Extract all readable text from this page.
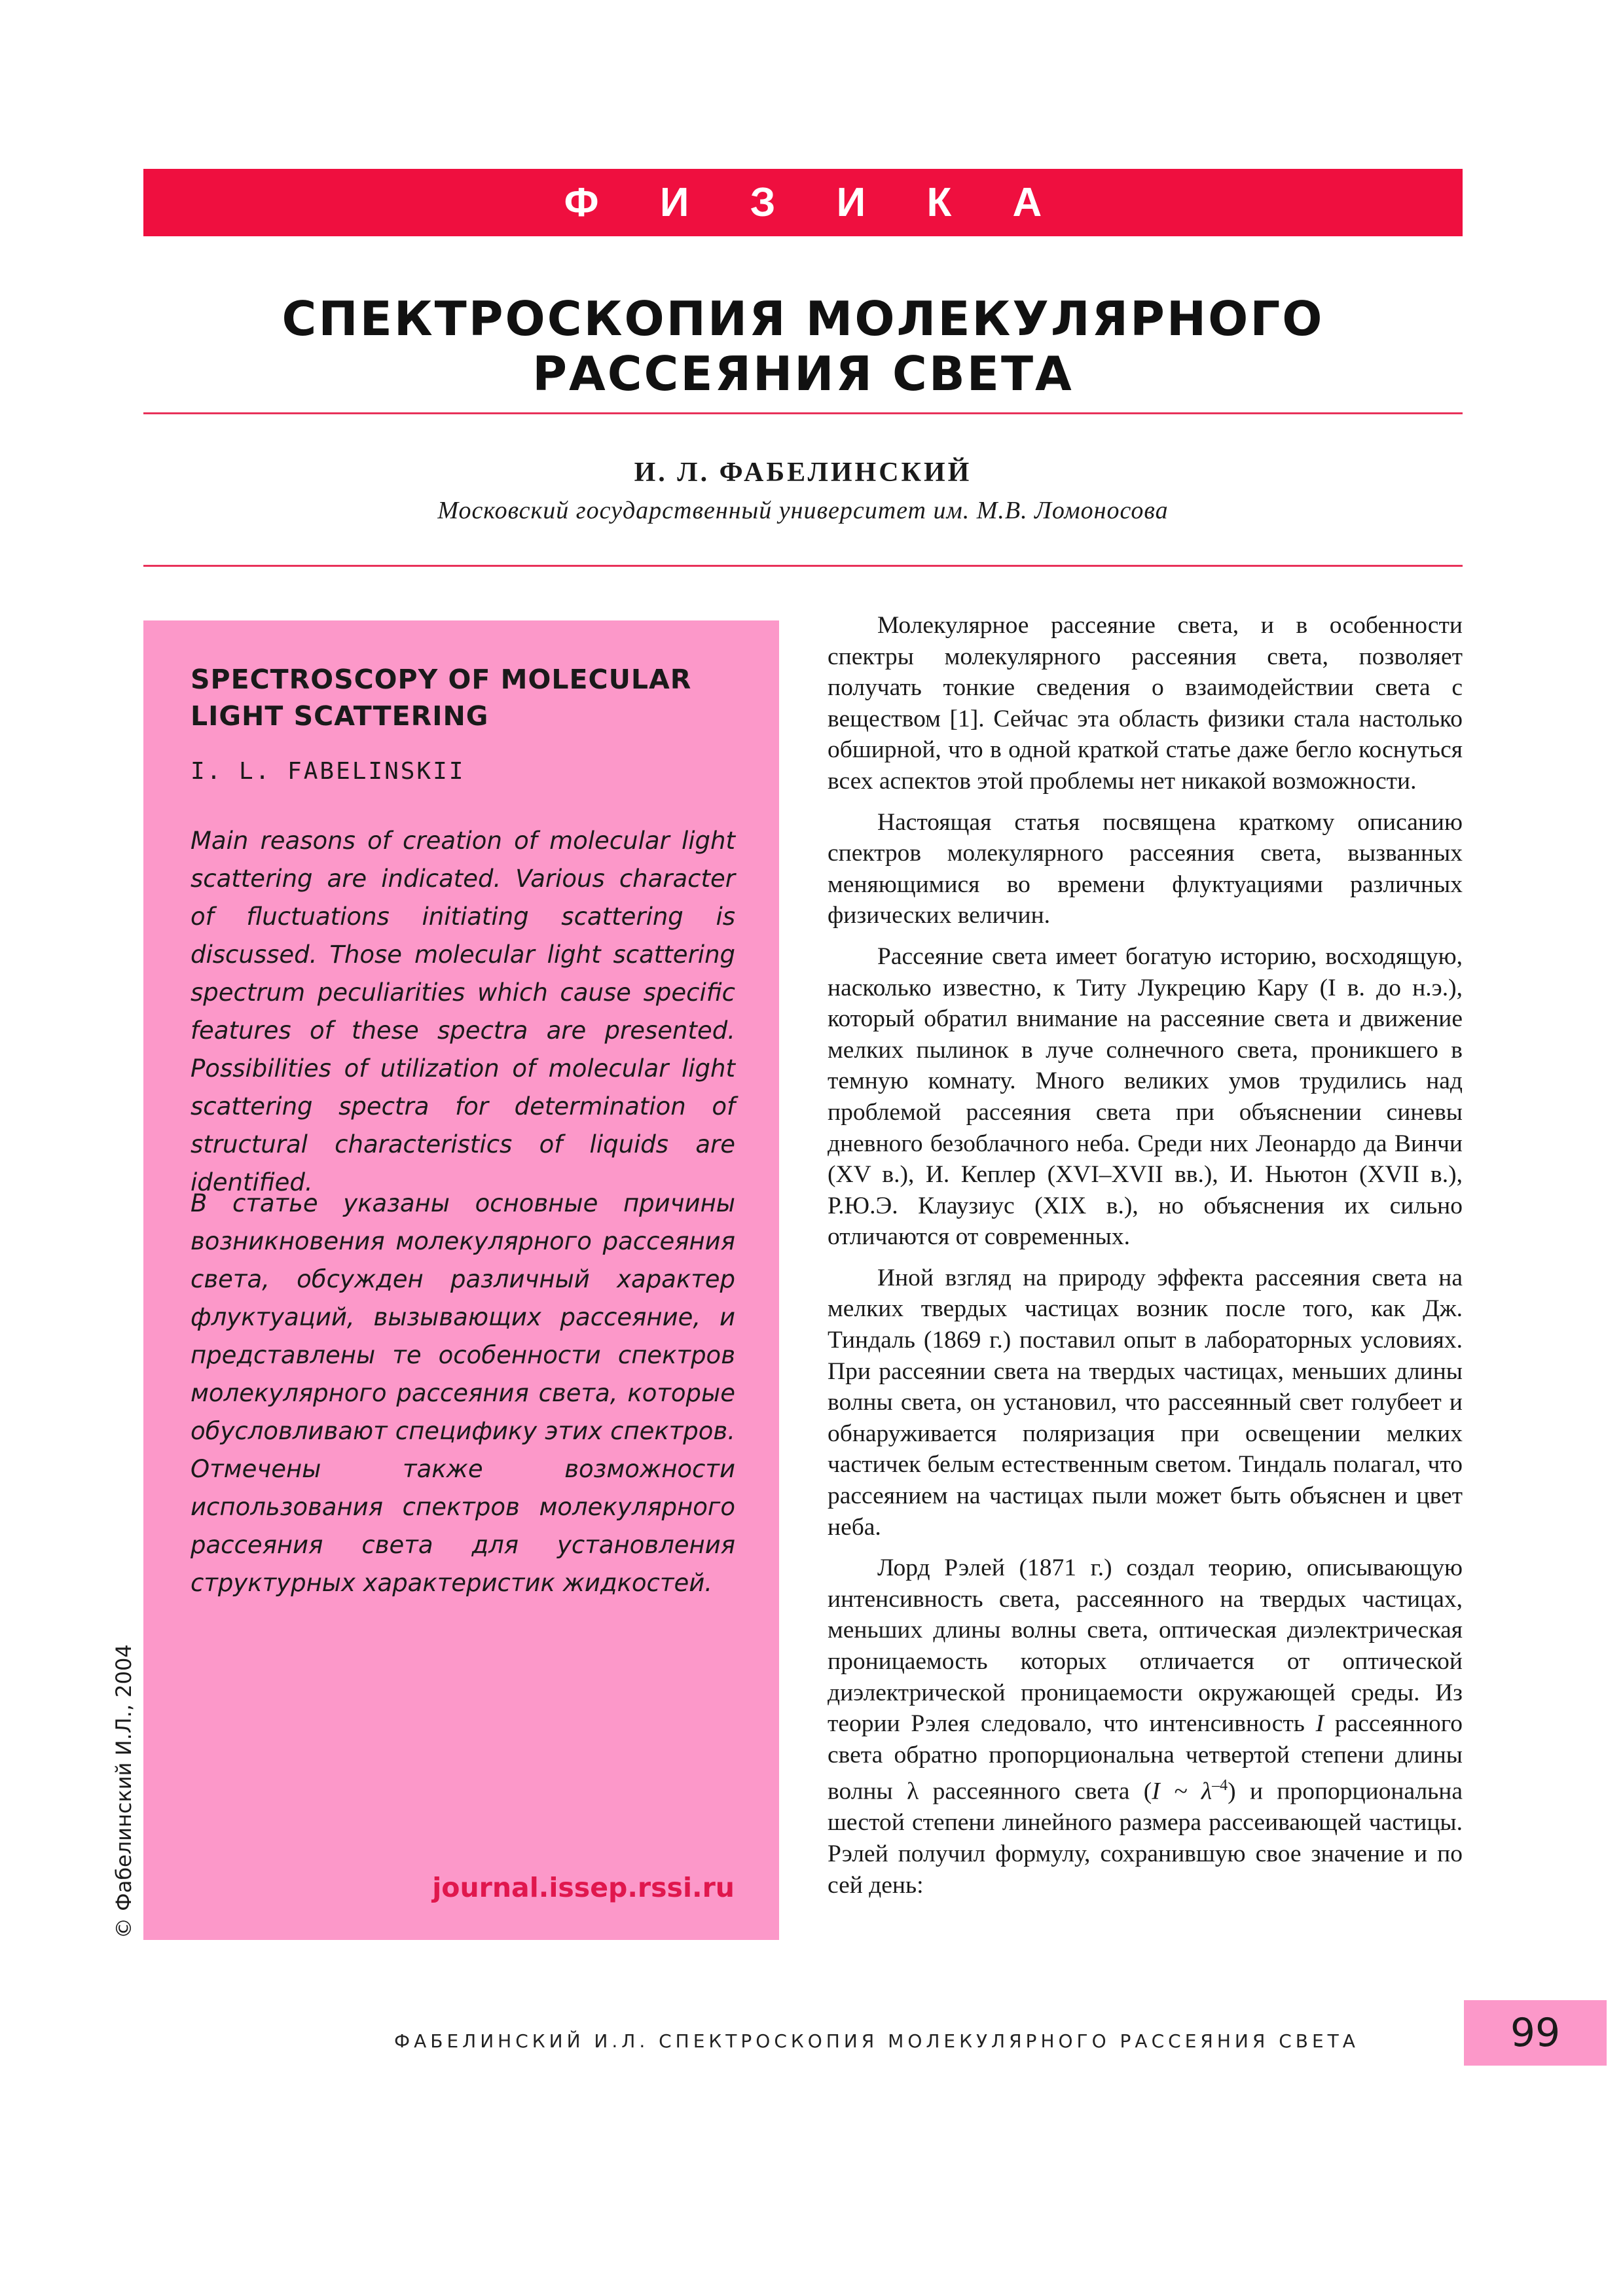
Ф И З И К А
СПЕКТРОСКОПИЯ МОЛЕКУЛЯРНОГО РАССЕЯНИЯ СВЕТА
И. Л. ФАБЕЛИНСКИЙ
Московский государственный университет им. М.В. Ломоносова
SPECTROSCOPY OF MOLECULAR LIGHT SCATTERING
I. L. FABELINSKII

Main reasons of creation of molecular light scattering are indicated. Various character of fluctuations initiating scattering is discussed. Those molecular light scattering spectrum peculiarities which cause specific features of these spectra are presented. Possibilities of utilization of molecular light scattering spectra for determination of structural characteristics of liquids are identified.

В статье указаны основные причины возникновения молекулярного рассеяния света, обсужден различный характер флуктуаций, вызывающих рассеяние, и представлены те особенности спектров молекулярного рассеяния света, которые обусловливают специфику этих спектров. Отмечены также возможности использования спектров молекулярного рассеяния света для установления структурных характеристик жидкостей.

journal.issep.rssi.ru
© Фабелинский И.Л., 2004

Молекулярное рассеяние света, и в особенности спектры молекулярного рассеяния света, позволяет получать тонкие сведения о взаимодействии света с веществом [1]. Сейчас эта область физики стала настолько обширной, что в одной краткой статье даже бегло коснуться всех аспектов этой проблемы нет никакой возможности.

Настоящая статья посвящена краткому описанию спектров молекулярного рассеяния света, вызванных меняющимися во времени флуктуациями различных физических величин.

Рассеяние света имеет богатую историю, восходящую, насколько известно, к Титу Лукрецию Кару (I в. до н.э.), который обратил внимание на рассеяние света и движение мелких пылинок в луче солнечного света, проникшего в темную комнату. Много великих умов трудились над проблемой рассеяния света при объяснении синевы дневного безоблачного неба. Среди них Леонардо да Винчи (XV в.), И. Кеплер (XVI–XVII вв.), И. Ньютон (XVII в.), Р.Ю.Э. Клаузиус (XIX в.), но объяснения их сильно отличаются от современных.

Иной взгляд на природу эффекта рассеяния света на мелких твердых частицах возник после того, как Дж. Тиндаль (1869 г.) поставил опыт в лабораторных условиях. При рассеянии света на твердых частицах, меньших длины волны света, он установил, что рассеянный свет голубеет и обнаруживается поляризация при освещении мелких частичек белым естественным светом. Тиндаль полагал, что рассеянием на частицах пыли может быть объяснен и цвет неба.

Лорд Рэлей (1871 г.) создал теорию, описывающую интенсивность света, рассеянного на твердых частицах, меньших длины волны света, оптическая диэлектрическая проницаемость которых отличается от оптической диэлектрической проницаемости окружающей среды. Из теории Рэлея следовало, что интенсивность I рассеянного света обратно пропорциональна четвертой степени длины волны λ рассеянного света (I ~ $\lambda^{-4}$) и пропорциональна шестой степени линейного размера рассеивающей частицы. Рэлей получил формулу, сохранившую свое значение и по сей день:

ФАБЕЛИНСКИЙ И.Л. СПЕКТРОСКОПИЯ МОЛЕКУЛЯРНОГО РАССЕЯНИЯ СВЕТА	99
